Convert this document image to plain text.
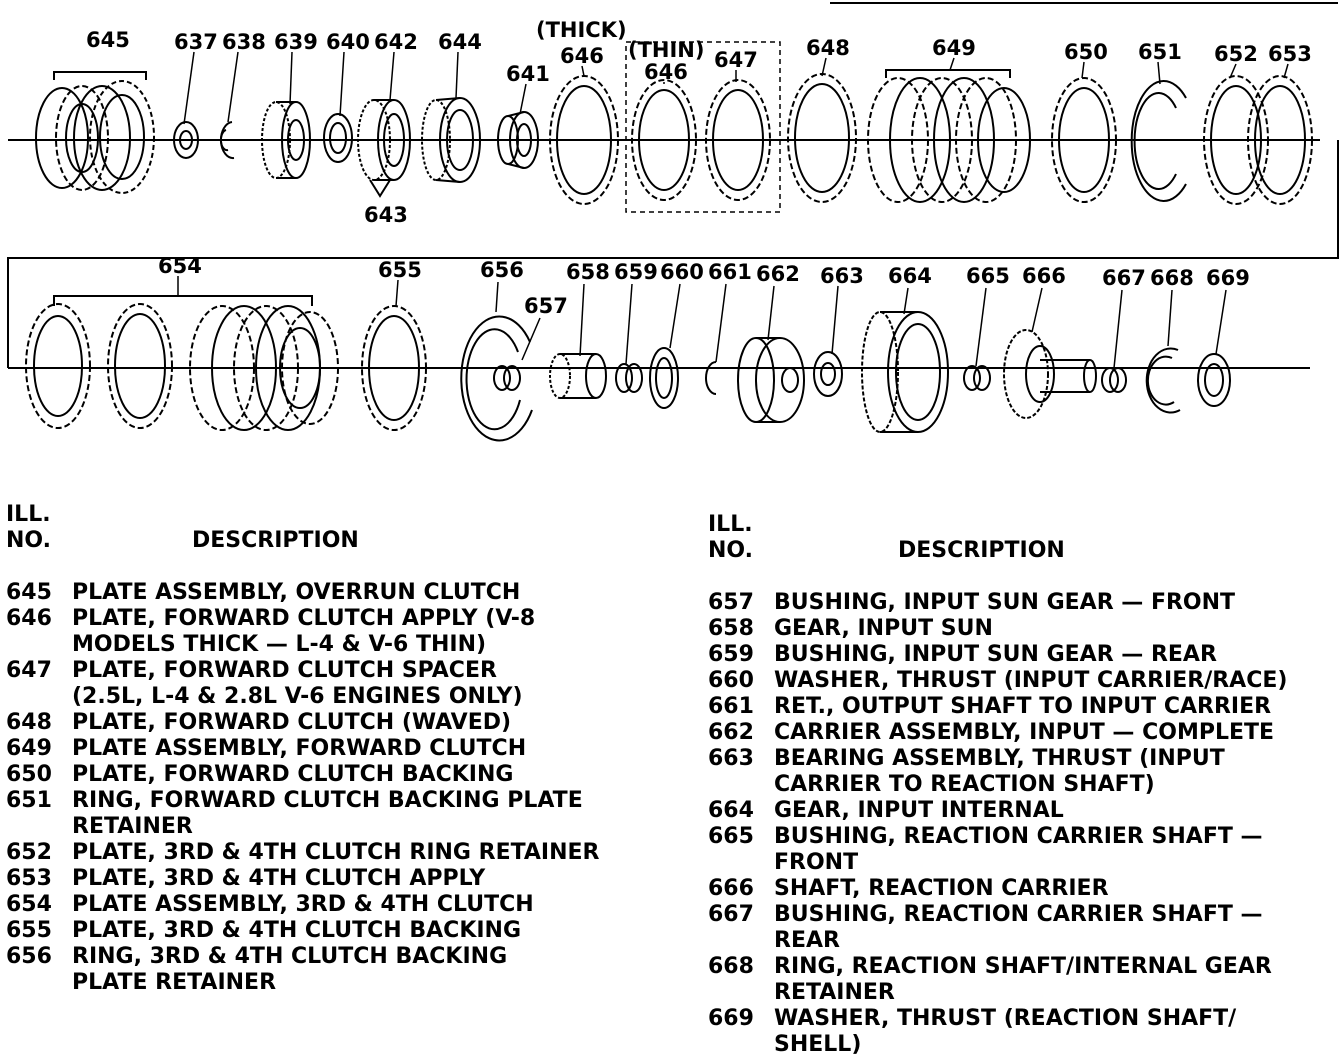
645 637 638 639 640 642 644
641
(THICK)
646 (THIN)
646 647 648	649	650 651 652 653
643
654	655	656
657
658 659 660 661 662 663 664 665 666 667 668 669
ILL.
NO.	DESCRIPTION
645 PLATE ASSEMBLY, OVERRUN CLUTCH
646 PLATE, FORWARD CLUTCH APPLY (V-8
MODELS THICK — L-4 & V-6 THIN)
647 PLATE, FORWARD CLUTCH SPACER
(2.5L, L-4 & 2.8L V-6 ENGINES ONLY)
648 PLATE, FORWARD CLUTCH (WAVED)
649 PLATE ASSEMBLY, FORWARD CLUTCH
650 PLATE, FORWARD CLUTCH BACKING
651 RING, FORWARD CLUTCH BACKING PLATE
RETAINER
652 PLATE, 3RD & 4TH CLUTCH RING RETAINER
653 PLATE, 3RD & 4TH CLUTCH APPLY
654 PLATE ASSEMBLY, 3RD & 4TH CLUTCH
655 PLATE, 3RD & 4TH CLUTCH BACKING
656 RING, 3RD & 4TH CLUTCH BACKING
PLATE RETAINER
ILL.
NO.	DESCRIPTION
657 BUSHING, INPUT SUN GEAR — FRONT
658 GEAR, INPUT SUN
659 BUSHING, INPUT SUN GEAR — REAR
660 WASHER, THRUST (INPUT CARRIER/RACE)
661 RET., OUTPUT SHAFT TO INPUT CARRIER
662 CARRIER ASSEMBLY, INPUT — COMPLETE
663 BEARING ASSEMBLY, THRUST (INPUT
CARRIER TO REACTION SHAFT)
664 GEAR, INPUT INTERNAL
665 BUSHING, REACTION CARRIER SHAFT —
FRONT
666 SHAFT, REACTION CARRIER
667 BUSHING, REACTION CARRIER SHAFT —
REAR
668 RING, REACTION SHAFT/INTERNAL GEAR
RETAINER
669 WASHER, THRUST (REACTION SHAFT/
SHELL)
